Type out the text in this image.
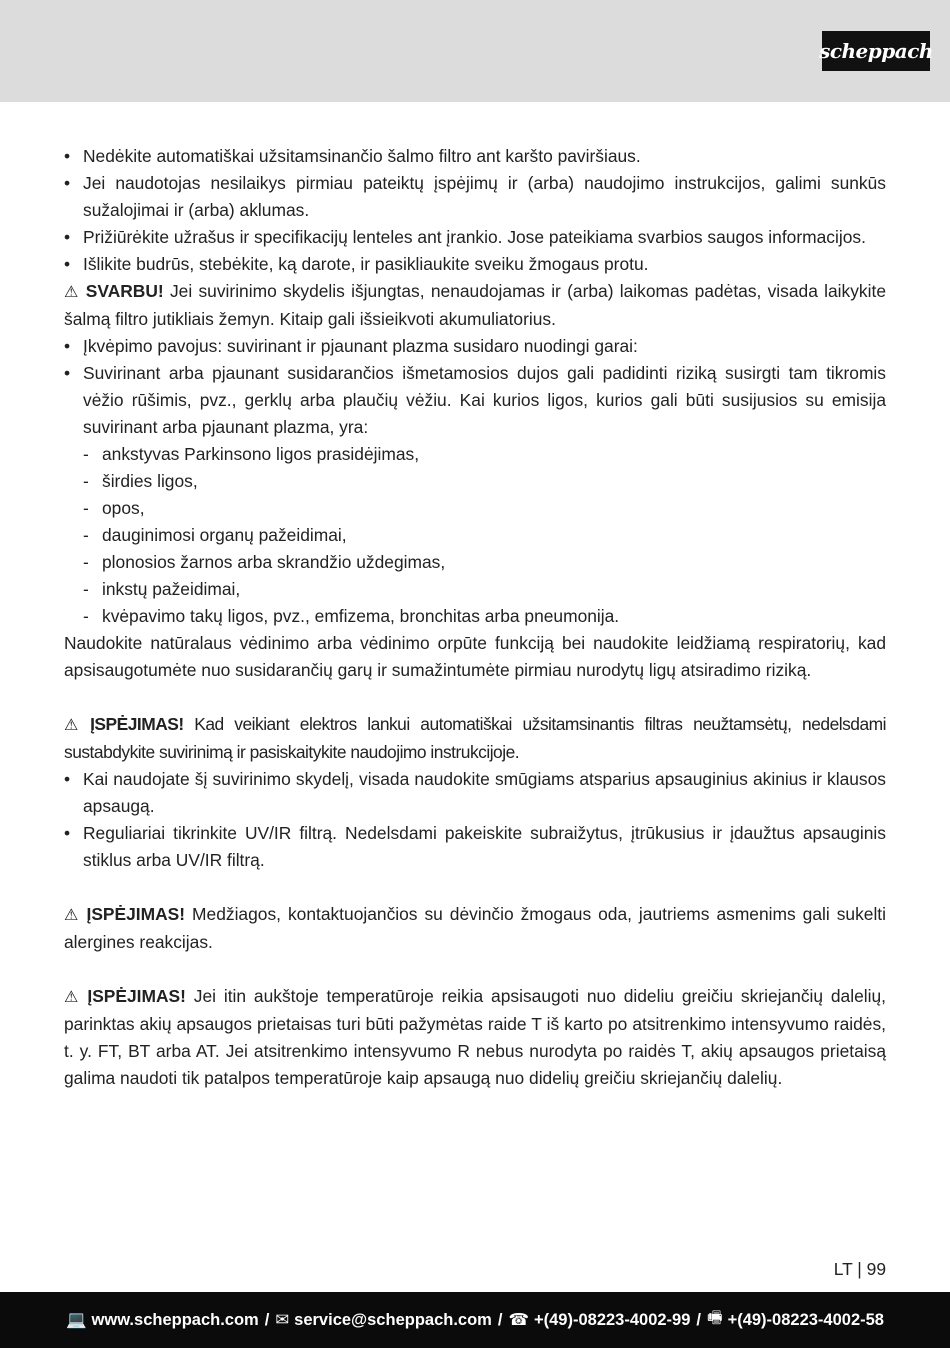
scheppach

• Nedėkite automatiškai užsitamsinančio šalmo filtro ant karšto paviršiaus.

• Jei naudotojas nesilaikys pirmiau pateiktų įspėjimų ir (arba) naudojimo instrukcijos, galimi sunkūs sužalojimai ir (arba) aklumas.

• Prižiūrėkite užrašus ir specifikacijų lenteles ant įrankio. Jose pateikiama svarbios saugos informacijos.

• Išlikite budrūs, stebėkite, ką darote, ir pasikliaukite sveiku žmogaus protu.

⚠ SVARBU! Jei suvirinimo skydelis išjungtas, nenaudojamas ir (arba) laikomas padėtas, visada laikykite šalmą filtro jutikliais žemyn. Kitaip gali išsieikvoti akumuliatorius.

• Įkvėpimo pavojus: suvirinant ir pjaunant plazma susidaro nuodingi garai:

• Suvirinant arba pjaunant susidarančios išmetamosios dujos gali padidinti riziką susirgti tam tikromis vėžio rūšimis, pvz., gerklų arba plaučių vėžiu. Kai kurios ligos, kurios gali būti susijusios su emisija suvirinant arba pjaunant plazma, yra:

- ankstyvas Parkinsono ligos prasidėjimas,

- širdies ligos,

- opos,

- dauginimosi organų pažeidimai,

- plonosios žarnos arba skrandžio uždegimas,

- inkstų pažeidimai,

- kvėpavimo takų ligos, pvz., emfizema, bronchitas arba pneumonija.

Naudokite natūralaus vėdinimo arba vėdinimo orpūte funkciją bei naudokite leidžiamą respiratorių, kad apsisaugotumėte nuo susidarančių garų ir sumažintumėte pirmiau nurodytų ligų atsiradimo riziką.

⚠ ĮSPĖJIMAS! Kad veikiant elektros lankui automatiškai užsitamsinantis filtras neužtamsėtų, nedelsdami sustabdykite suvirinimą ir pasiskaitykite naudojimo instrukcijoje.

• Kai naudojate šį suvirinimo skydelį, visada naudokite smūgiams atsparius apsauginius akinius ir klausos apsaugą.

• Reguliariai tikrinkite UV/IR filtrą. Nedelsdami pakeiskite subraižytus, įtrūkusius ir įdaužtus apsauginis stiklus arba UV/IR filtrą.

⚠ ĮSPĖJIMAS! Medžiagos, kontaktuojančios su dėvinčio žmogaus oda, jautriems asmenims gali sukelti alergines reakcijas.

⚠ ĮSPĖJIMAS! Jei itin aukštoje temperatūroje reikia apsisaugoti nuo dideliu greičiu skriejančių dalelių, parinktas akių apsaugos prietaisas turi būti pažymėtas raide T iš karto po atsitrenkimo intensyvumo raidės, t. y. FT, BT arba AT. Jei atsitrenkimo intensyvumo R nebus nurodyta po raidės T, akių apsaugos prietaisą galima naudoti tik patalpos temperatūroje kaip apsaugą nuo didelių greičiu skriejančių dalelių.

LT | 99
💻 www.scheppach.com / ✉ service@scheppach.com / ☎ +(49)-08223-4002-99 / 🖷 +(49)-08223-4002-58
